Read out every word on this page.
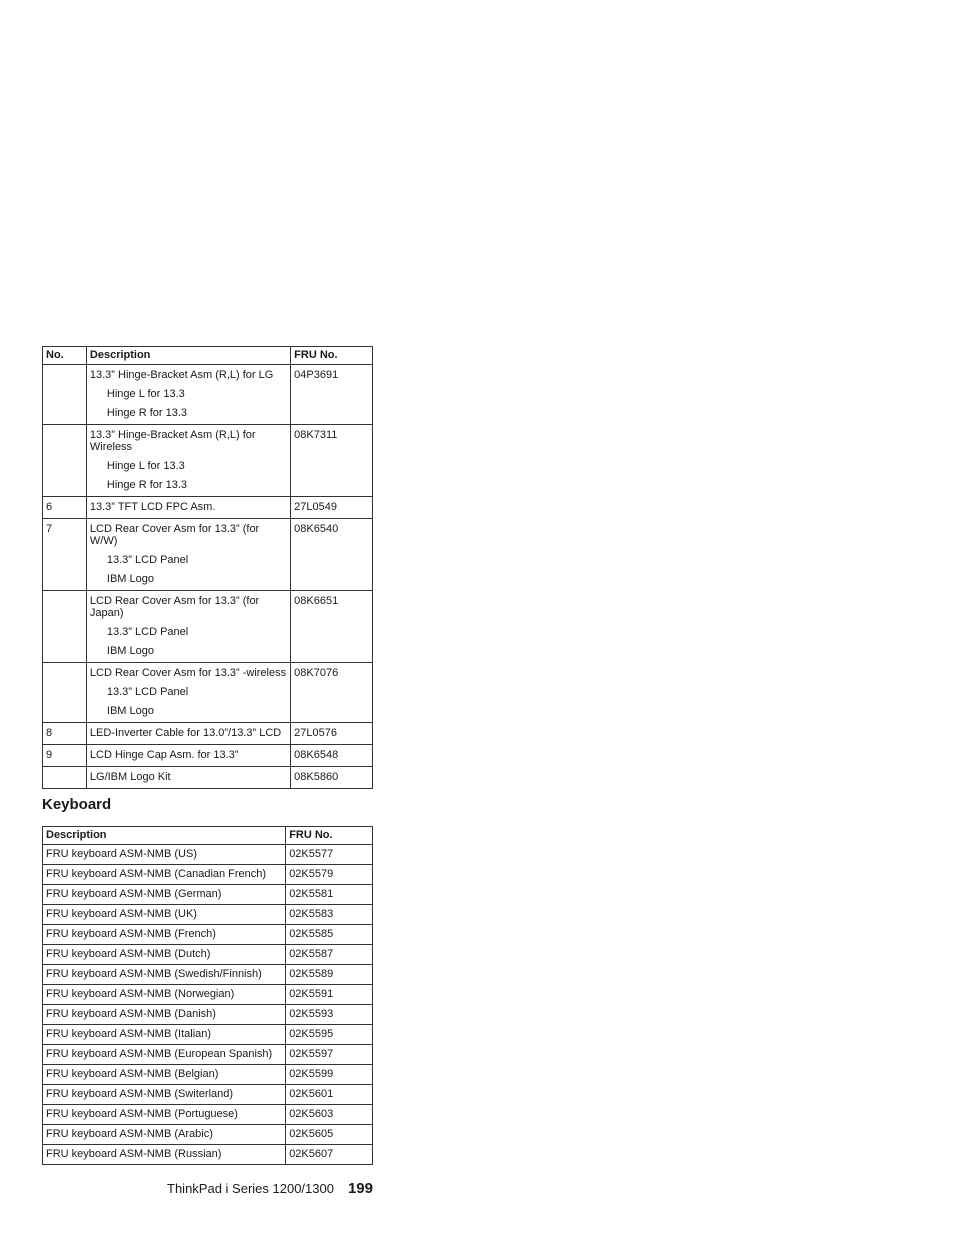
No.	Description	FRU No.

	13.3” Hinge-Bracket Asm (R,L) for LG
Hinge L for 13.3
Hinge R for 13.3	04P3691

	13.3” Hinge-Bracket Asm (R,L) for Wireless
Hinge L for 13.3
Hinge R for 13.3	08K7311
6	13.3” TFT LCD FPC Asm.	27L0549
7	LCD Rear Cover Asm for 13.3” (for W/W)
13.3” LCD Panel
IBM Logo	08K6540

	LCD Rear Cover Asm for 13.3” (for Japan)
13.3” LCD Panel
IBM Logo	08K6651

	LCD Rear Cover Asm for 13.3” -wireless
13.3” LCD Panel
IBM Logo	08K7076
8	LED-Inverter Cable for 13.0”/13.3” LCD	27L0576
9	LCD Hinge Cap Asm. for 13.3”	08K6548

	LG/IBM Logo Kit	08K5860
Keyboard
Description	FRU No.
FRU keyboard ASM-NMB (US)	02K5577
FRU keyboard ASM-NMB (Canadian French)	02K5579
FRU keyboard ASM-NMB (German)	02K5581
FRU keyboard ASM-NMB (UK)	02K5583
FRU keyboard ASM-NMB (French)	02K5585
FRU keyboard ASM-NMB (Dutch)	02K5587
FRU keyboard ASM-NMB (Swedish/Finnish)	02K5589
FRU keyboard ASM-NMB (Norwegian)	02K5591
FRU keyboard ASM-NMB (Danish)	02K5593
FRU keyboard ASM-NMB (Italian)	02K5595
FRU keyboard ASM-NMB (European Spanish)	02K5597
FRU keyboard ASM-NMB (Belgian)	02K5599
FRU keyboard ASM-NMB (Switerland)	02K5601
FRU keyboard ASM-NMB (Portuguese)	02K5603
FRU keyboard ASM-NMB (Arabic)	02K5605
FRU keyboard ASM-NMB (Russian)	02K5607
ThinkPad i Series 1200/1300 199
